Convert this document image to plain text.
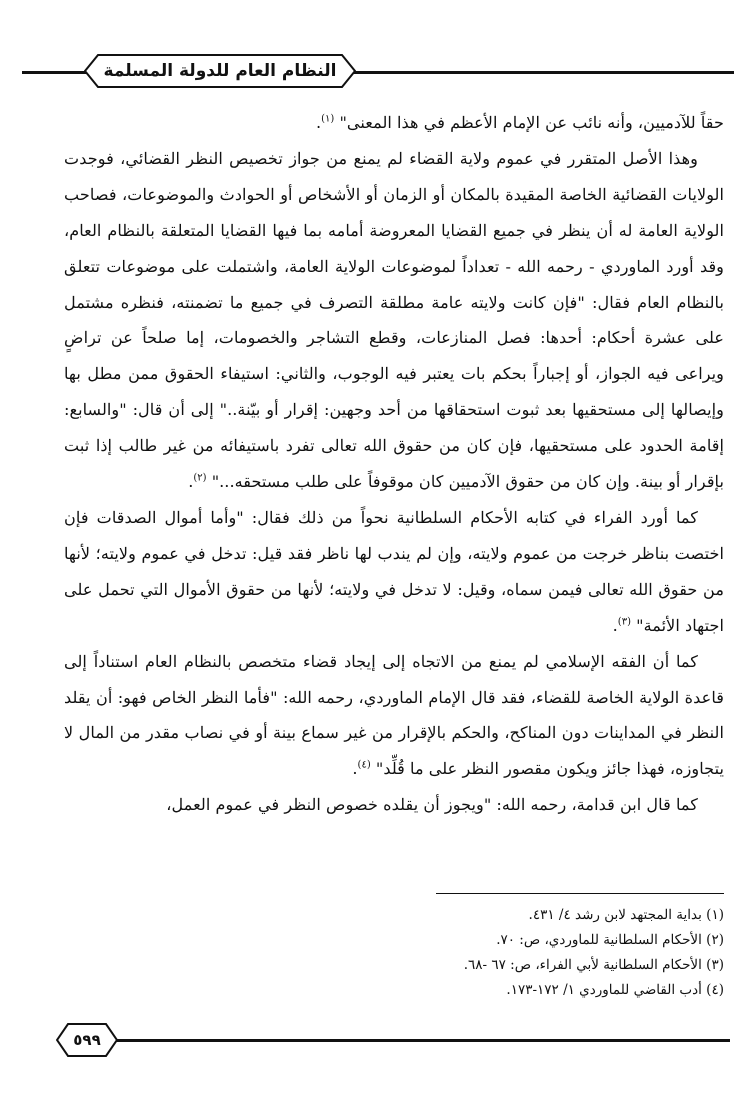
النظام العام للدولة المسلمة

حقاً للآدميين، وأنه نائب عن الإمام الأعظم في هذا المعنى" $^{(١)}$.

وهذا الأصل المتقرر في عموم ولاية القضاء لم يمنع من جواز تخصيص النظر القضائي، فوجدت الولايات القضائية الخاصة المقيدة بالمكان أو الزمان أو الأشخاص أو الحوادث والموضوعات، فصاحب الولاية العامة له أن ينظر في جميع القضايا المعروضة أمامه بما فيها القضايا المتعلقة بالنظام العام، وقد أورد الماوردي - رحمه الله - تعداداً لموضوعات الولاية العامة، واشتملت على موضوعات تتعلق بالنظام العام فقال: "فإن كانت ولايته عامة مطلقة التصرف في جميع ما تضمنته، فنظره مشتمل على عشرة أحكام: أحدها: فصل المنازعات، وقطع التشاجر والخصومات، إما صلحاً عن تراضٍ ويراعى فيه الجواز، أو إجباراً بحكم بات يعتبر فيه الوجوب، والثاني: استيفاء الحقوق ممن مطل بها وإيصالها إلى مستحقيها بعد ثبوت استحقاقها من أحد وجهين: إقرار أو بيّنة.." إلى أن قال: "والسابع: إقامة الحدود على مستحقيها، فإن كان من حقوق الله تعالى تفرد باستيفائه من غير طالب إذا ثبت بإقرار أو بينة. وإن كان من حقوق الآدميين كان موقوفاً على طلب مستحقه..." $^{(٢)}$.

كما أورد الفراء في كتابه الأحكام السلطانية نحواً من ذلك فقال: "وأما أموال الصدقات فإن اختصت بناظر خرجت من عموم ولايته، وإن لم يندب لها ناظر فقد قيل: تدخل في عموم ولايته؛ لأنها من حقوق الله تعالى فيمن سماه، وقيل: لا تدخل في ولايته؛ لأنها من حقوق الأموال التي تحمل على اجتهاد الأئمة" $^{(٣)}$.

كما أن الفقه الإسلامي لم يمنع من الاتجاه إلى إيجاد قضاء متخصص بالنظام العام استناداً إلى قاعدة الولاية الخاصة للقضاء، فقد قال الإمام الماوردي، رحمه الله: "فأما النظر الخاص فهو: أن يقلد النظر في المداينات دون المناكح، والحكم بالإقرار من غير سماع بينة أو في نصاب مقدر من المال لا يتجاوزه، فهذا جائز ويكون مقصور النظر على ما قُلِّد" $^{(٤)}$.

كما قال ابن قدامة، رحمه الله: "ويجوز أن يقلده خصوص النظر في عموم العمل،

(١) بداية المجتهد لابن رشد ٤/ ٤٣١.
(٢) الأحكام السلطانية للماوردي، ص: ٧٠.
(٣) الأحكام السلطانية لأبي الفراء، ص: ٦٧ -٦٨.
(٤) أدب القاضي للماوردي ١/ ١٧٢-١٧٣.
٥٩٩
